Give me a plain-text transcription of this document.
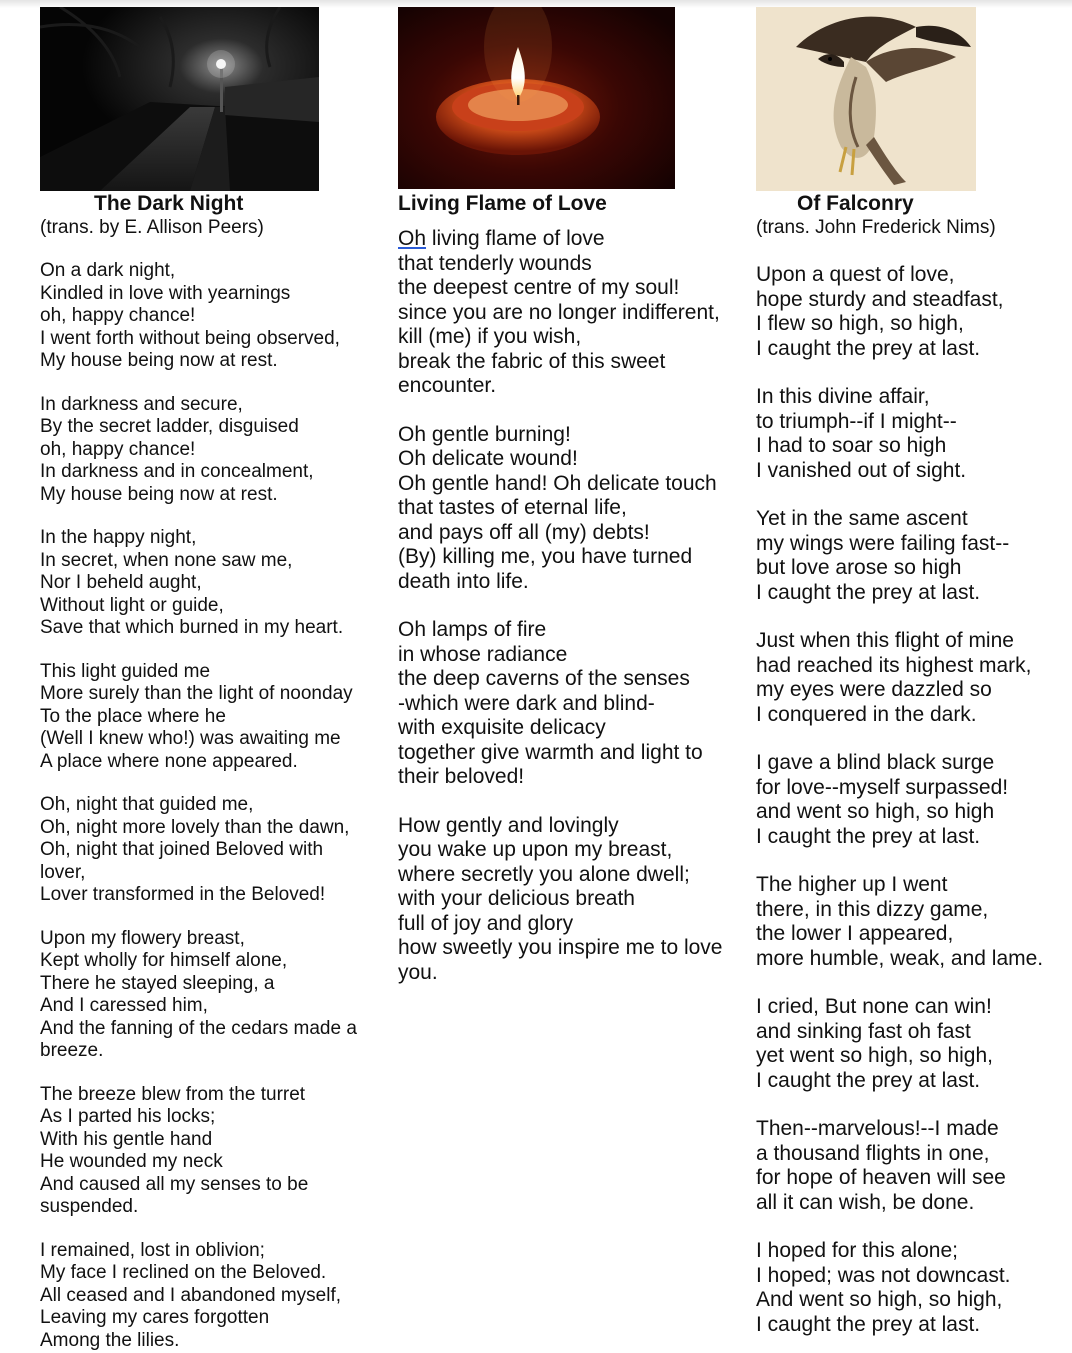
The Dark Night
(trans. by E. Allison Peers)

On a dark night,
Kindled in love with yearnings
oh, happy chance!
I went forth without being observed,
My house being now at rest.

In darkness and secure,
By the secret ladder, disguised
oh, happy chance!
In darkness and in concealment,
My house being now at rest.

In the happy night,
In secret, when none saw me,
Nor I beheld aught,
Without light or guide,
Save that which burned in my heart.

This light guided me
More surely than the light of noonday
To the place where he
(Well I knew who!) was awaiting me
A place where none appeared.

Oh, night that guided me,
Oh, night more lovely than the dawn,
Oh, night that joined Beloved with
lover,
Lover transformed in the Beloved!

Upon my flowery breast,
Kept wholly for himself alone,
There he stayed sleeping, a
And I caressed him,
And the fanning of the cedars made a
breeze.

The breeze blew from the turret
As I parted his locks;
With his gentle hand
He wounded my neck
And caused all my senses to be
suspended.

I remained, lost in oblivion;
My face I reclined on the Beloved.
All ceased and I abandoned myself,
Leaving my cares forgotten
Among the lilies.

Living Flame of Love

Oh living flame of love

that tenderly wounds
the deepest centre of my soul!
since you are no longer indifferent,
kill (me) if you wish,
break the fabric of this sweet
encounter.

Oh gentle burning!
Oh delicate wound!
Oh gentle hand! Oh delicate touch
that tastes of eternal life,
and pays off all (my) debts!
(By) killing me, you have turned
death into life.

Oh lamps of fire
in whose radiance
the deep caverns of the senses
-which were dark and blind-
with exquisite delicacy
together give warmth and light to
their beloved!

How gently and lovingly
you wake up upon my breast,
where secretly you alone dwell;
with your delicious breath
full of joy and glory
how sweetly you inspire me to love
you.

Of Falconry
(trans. John Frederick Nims)

Upon a quest of love,
hope sturdy and steadfast,
I flew so high, so high,
I caught the prey at last.

In this divine affair,
to triumph--if I might--
I had to soar so high
I vanished out of sight.

Yet in the same ascent
my wings were failing fast--
but love arose so high
I caught the prey at last.

Just when this flight of mine
had reached its highest mark,
my eyes were dazzled so
I conquered in the dark.

I gave a blind black surge
for love--myself surpassed!
and went so high, so high
I caught the prey at last.

The higher up I went
there, in this dizzy game,
the lower I appeared,
more humble, weak, and lame.

I cried, But none can win!
and sinking fast oh fast
yet went so high, so high,
I caught the prey at last.

Then--marvelous!--I made
a thousand flights in one,
for hope of heaven will see
all it can wish, be done.

I hoped for this alone;
I hoped; was not downcast.
And went so high, so high,
I caught the prey at last.
